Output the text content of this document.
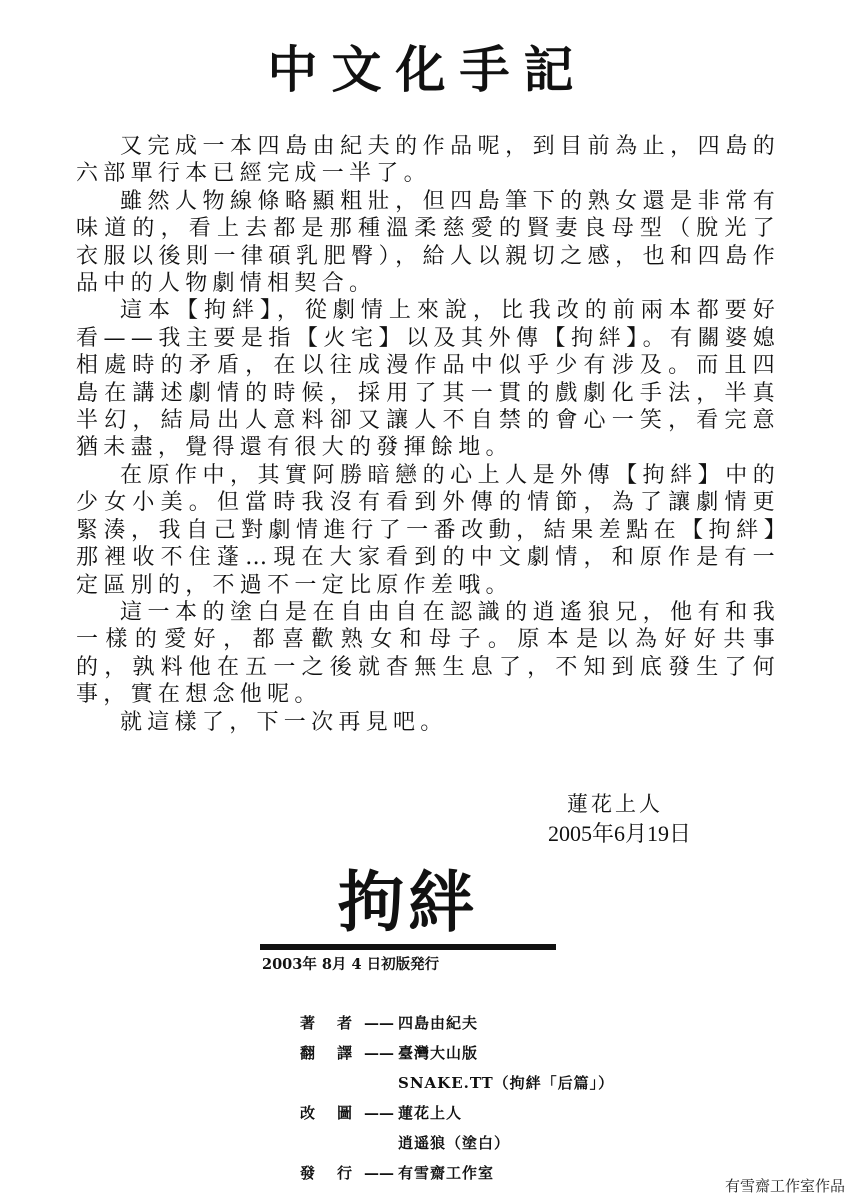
中文化手記

又完成一本四島由紀夫的作品呢，到目前為止，四島的六部單行本已經完成一半了。

雖然人物線條略顯粗壯，但四島筆下的熟女還是非常有味道的，看上去都是那種溫柔慈愛的賢妻良母型（脫光了衣服以後則一律碩乳肥臀），給人以親切之感，也和四島作品中的人物劇情相契合。

這本【拘絆】，從劇情上來說，比我改的前兩本都要好看——我主要是指【火宅】以及其外傳【拘絆】。有關婆媳相處時的矛盾，在以往成漫作品中似乎少有涉及。而且四島在講述劇情的時候，採用了其一貫的戲劇化手法，半真半幻，結局出人意料卻又讓人不自禁的會心一笑，看完意猶未盡，覺得還有很大的發揮餘地。

在原作中，其實阿勝暗戀的心上人是外傳【拘絆】中的少女小美。但當時我沒有看到外傳的情節，為了讓劇情更緊湊，我自己對劇情進行了一番改動，結果差點在【拘絆】那裡收不住蓬…現在大家看到的中文劇情，和原作是有一定區別的，不過不一定比原作差哦。

這一本的塗白是在自由自在認識的逍遙狼兄，他有和我一樣的愛好，都喜歡熟女和母子。原本是以為好好共事的，孰料他在五一之後就杳無生息了，不知到底發生了何事，實在想念他呢。

就這樣了，下一次再見吧。

蓮花上人
2005年6月19日
拘絆
2003年 8月 4 日初版発行
著 者 —— 四島由紀夫
翻 譯 —— 臺灣大山版
SNAKE.TT（拘絆「后篇」）
改 圖 —— 蓮花上人
逍遥狼（塗白）
發 行 —— 有雪齋工作室
有雪齋工作室作品
